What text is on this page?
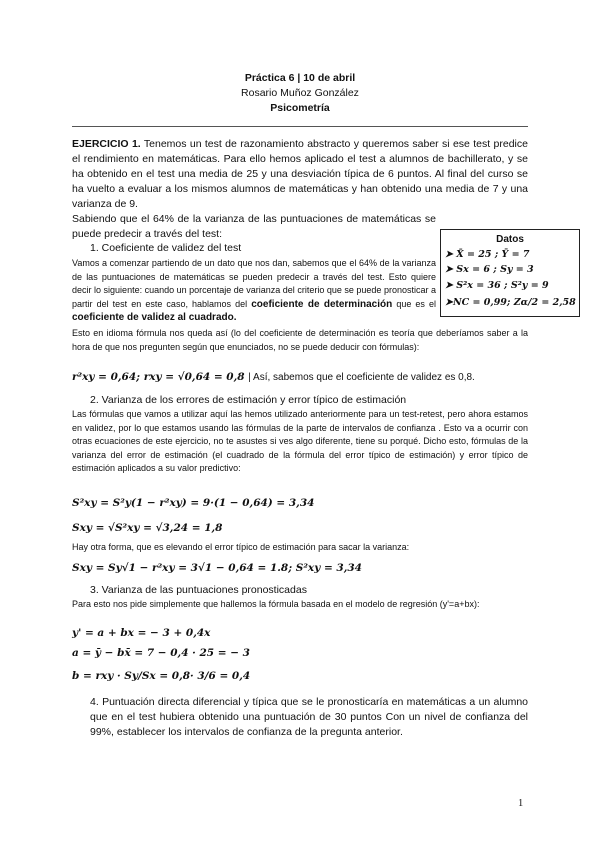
Práctica 6 | 10 de abril
Rosario Muñoz González
Psicometría
EJERCICIO 1. Tenemos un test de razonamiento abstracto y queremos saber si ese test predice el rendimiento en matemáticas. Para ello hemos aplicado el test a alumnos de bachillerato, y se ha obtenido en el test una media de 25 y una desviación típica de 6 puntos. Al final del curso se ha vuelto a evaluar a los mismos alumnos de matemáticas y han obtenido una media de 7 y una varianza de 9.
Sabiendo que el 64% de la varianza de las puntuaciones de matemáticas se puede predecir a través del test:	Datos
➤ X̄ = 25 ; Ȳ = 7
➤ Sx = 6 ; Sy = 3
➤ S²x = 36 ; S²y = 9
➤NC = 0,99; Zα/2 = 2,58
1. Coeficiente de validez del test
Vamos a comenzar partiendo de un dato que nos dan, sabemos que el 64% de la varianza de las puntuaciones de matemáticas se pueden predecir a través del test. Esto quiere decir lo siguiente: cuando un porcentaje de varianza del criterio que se puede pronosticar a partir del test en este caso, hablamos del coeficiente de determinación que es el coeficiente de validez al cuadrado.
Esto en idioma fórmula nos queda así (lo del coeficiente de determinación es teoría que deberíamos saber a la hora de que nos pregunten según que enunciados, no se puede deducir con fórmulas):
r²xy = 0,64; rxy = √0,64 = 0,8 | Así, sabemos que el coeficiente de validez es 0,8.
2. Varianza de los errores de estimación y error típico de estimación
Las fórmulas que vamos a utilizar aquí las hemos utilizado anteriormente para un test-retest, pero ahora estamos en validez, por lo que estamos usando las fórmulas de la parte de intervalos de confianza . Esto va a ocurrir con otras ecuaciones de este ejercicio, no te asustes si ves algo diferente, tiene su porqué. Dicho esto, fórmulas de la varianza del error de estimación (el cuadrado de la fórmula del error típico de estimación) y error típico de estimación aplicados a su valor predictivo:
S²xy = S²y(1 − r²xy) = 9·(1 − 0,64) = 3,34
Sxy = √S²xy = √3,24 = 1,8
Hay otra forma, que es elevando el error típico de estimación para sacar la varianza:
Sxy = Sy√1 − r²xy = 3√1 − 0,64 = 1.8; S²xy = 3,34
3. Varianza de las puntuaciones pronosticadas
Para esto nos pide simplemente que hallemos la fórmula basada en el modelo de regresión (y'=a+bx):
y' = a + bx = − 3 + 0,4x
a = ȳ − bx̄ = 7 − 0,4 · 25 = − 3
b = rxy · Sy/Sx = 0,8· 3/6 = 0,4
4. Puntuación directa diferencial y típica que se le pronosticaría en matemáticas a un alumno que en el test hubiera obtenido una puntuación de 30 puntos Con un nivel de confianza del 99%, establecer los intervalos de confianza de la pregunta anterior.
1
